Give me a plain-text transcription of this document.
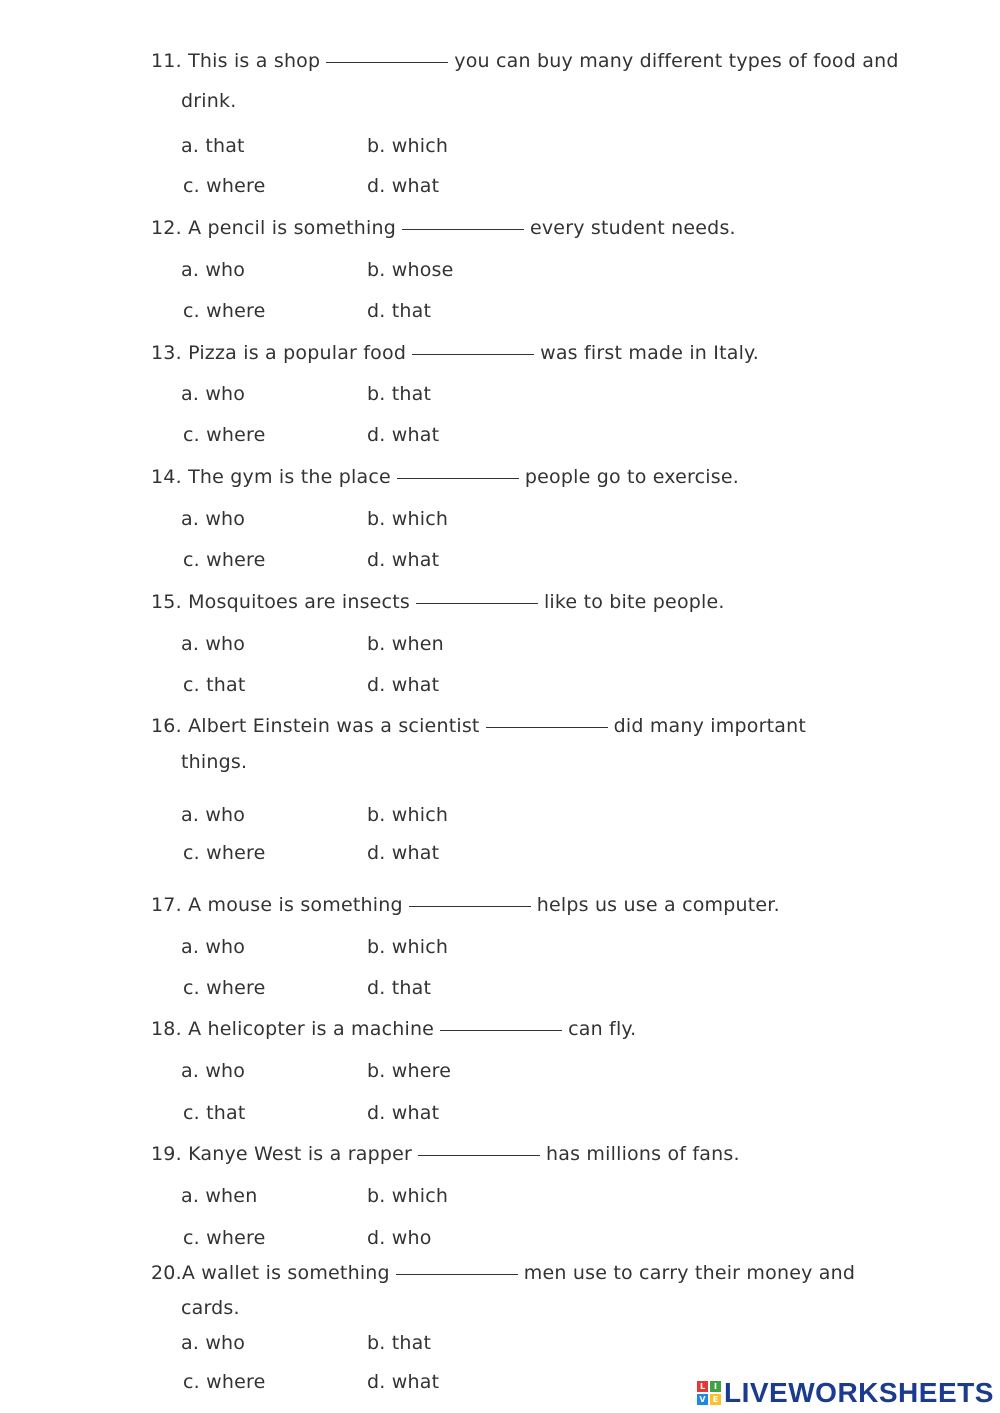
11. This is a shop	you can buy many different types of food and
drink.
a. that	b. which
c. where	d. what
12. A pencil is something	every student needs.
a. who	b. whose
c. where	d. that
13. Pizza is a popular food	was first made in Italy.
a. who	b. that
c. where	d. what
14. The gym is the place	people go to exercise.
a. who	b. which
c. where	d. what
15. Mosquitoes are insects	like to bite people.
a. who	b. when
c. that	d. what
16. Albert Einstein was a scientist	did many important
things.
a. who	b. which
c. where	d. what
17. A mouse is something	helps us use a computer.
a. who	b. which
c. where	d. that
18. A helicopter is a machine	can fly.
a. who	b. where
c. that	d. what
19. Kanye West is a rapper	has millions of fans.
a. when	b. which
c. where	d. who
20.A wallet is something	men use to carry their money and
cards.
a. who	b. that
c. where	d. what	L	I
V E LIVEWORKSHEETS
